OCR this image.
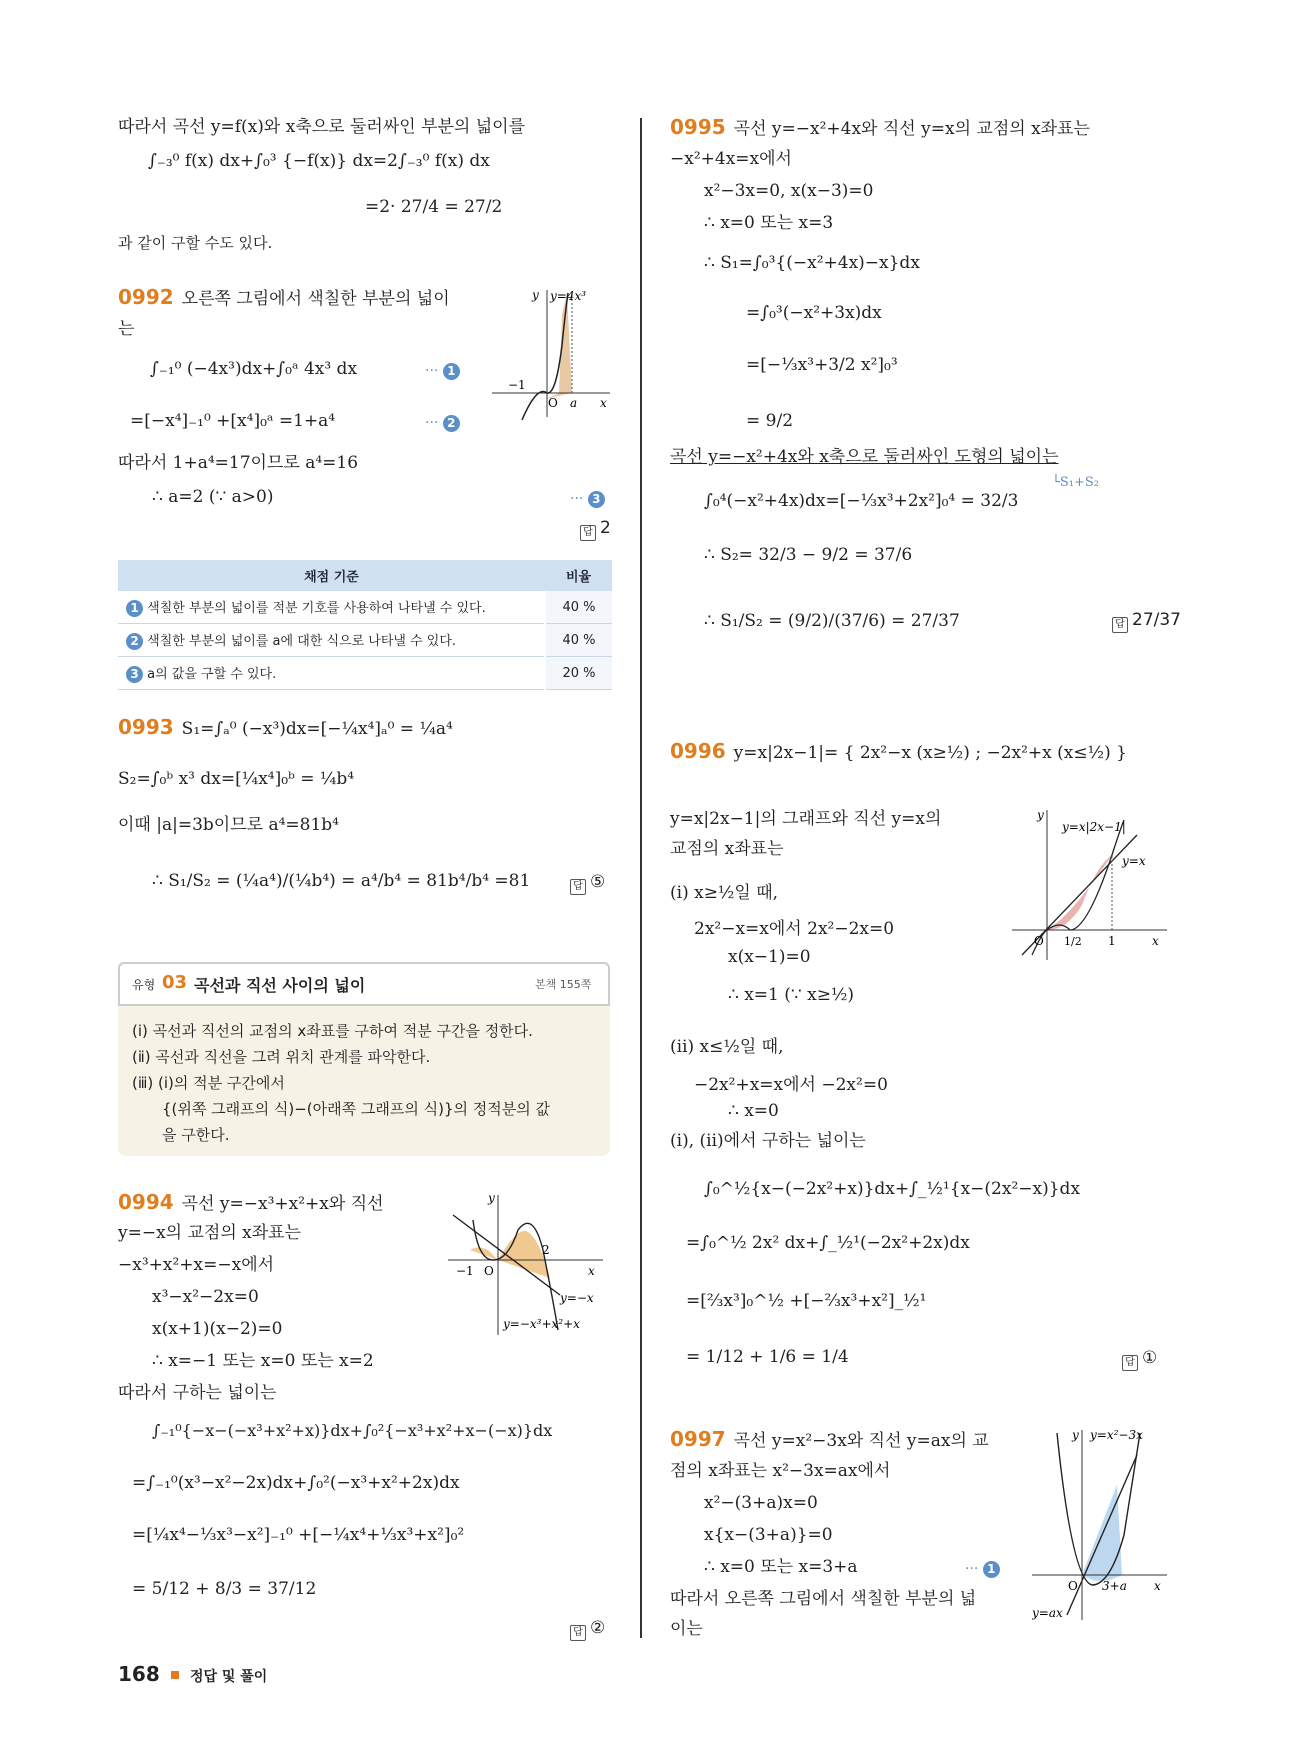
따라서 곡선 y=f(x)와 x축으로 둘러싸인 부분의 넓이를
∫₋₃⁰ f(x) dx+∫₀³ {−f(x)} dx=2∫₋₃⁰ f(x) dx
=2· 27/4 = 27/2
과 같이 구할 수도 있다.
0992 오른쪽 그림에서 색칠한 부분의 넓이
는
∫₋₁⁰ (−4x³)dx+∫₀ᵃ 4x³ dx	··· 1
=[−x⁴]₋₁⁰ +[x⁴]₀ᵃ =1+a⁴	··· 2
따라서 1+a⁴=17이므로 a⁴=16
∴ a=2 (∵ a>0)	··· 3
답 2
y=4x³
y
−1
O a x
채점 기준	비율
1 색칠한 부분의 넓이를 적분 기호를 사용하여 나타낼 수 있다.	40 %
2 색칠한 부분의 넓이를 a에 대한 식으로 나타낼 수 있다.	40 %
3 a의 값을 구할 수 있다.	20 %
0993 S₁=∫ₐ⁰ (−x³)dx=[−¼x⁴]ₐ⁰ = ¼a⁴
S₂=∫₀ᵇ x³ dx=[¼x⁴]₀ᵇ = ¼b⁴
이때 |a|=3b이므로 a⁴=81b⁴
∴ S₁/S₂ = (¼a⁴)/(¼b⁴) = a⁴/b⁴ = 81b⁴/b⁴ =81	답 ⑤
유형 03 곡선과 직선 사이의 넓이	본책 155쪽
(ⅰ) 곡선과 직선의 교점의 x좌표를 구하여 적분 구간을 정한다.
(ⅱ) 곡선과 직선을 그려 위치 관계를 파악한다.
(ⅲ) (ⅰ)의 적분 구간에서
{(위쪽 그래프의 식)−(아래쪽 그래프의 식)}의 정적분의 값
을 구한다.
0994 곡선 y=−x³+x²+x와 직선
y=−x의 교점의 x좌표는
−x³+x²+x=−x에서
x³−x²−2x=0
x(x+1)(x−2)=0
∴ x=−1 또는 x=0 또는 x=2
따라서 구하는 넓이는
∫₋₁⁰{−x−(−x³+x²+x)}dx+∫₀²{−x³+x²+x−(−x)}dx
=∫₋₁⁰(x³−x²−2x)dx+∫₀²(−x³+x²+2x)dx
=[¼x⁴−⅓x³−x²]₋₁⁰ +[−¼x⁴+⅓x³+x²]₀²
= 5/12 + 8/3 = 37/12
답 ②
y
−1 O
2
x
y=−x
y=−x³+x²+x
0995 곡선 y=−x²+4x와 직선 y=x의 교점의 x좌표는
−x²+4x=x에서
x²−3x=0, x(x−3)=0
∴ x=0 또는 x=3
∴ S₁=∫₀³{(−x²+4x)−x}dx
=∫₀³(−x²+3x)dx
=[−⅓x³+3/2 x²]₀³
= 9/2
곡선 y=−x²+4x와 x축으로 둘러싸인 도형의 넓이는
└S₁+S₂
∫₀⁴(−x²+4x)dx=[−⅓x³+2x²]₀⁴ = 32/3
∴ S₂= 32/3 − 9/2 = 37/6
∴ S₁/S₂ = (9/2)/(37/6) = 27/37	답 27/37
0996 y=x|2x−1|= { 2x²−x (x≥½) ; −2x²+x (x≤½) }
y=x|2x−1|의 그래프와 직선 y=x의
교점의 x좌표는
(ⅰ) x≥½일 때,
2x²−x=x에서 2x²−2x=0
x(x−1)=0
∴ x=1 (∵ x≥½)
(ⅱ) x≤½일 때,
−2x²+x=x에서 −2x²=0
∴ x=0
(ⅰ), (ⅱ)에서 구하는 넓이는
∫₀^½{x−(−2x²+x)}dx+∫_½¹{x−(2x²−x)}dx
=∫₀^½ 2x² dx+∫_½¹(−2x²+2x)dx
=[⅔x³]₀^½ +[−⅔x³+x²]_½¹
= 1/12 + 1/6 = 1/4	답 ①
y
y=x|2x−1|
y=x
O 1/2 1	x
0997 곡선 y=x²−3x와 직선 y=ax의 교
점의 x좌표는 x²−3x=ax에서
x²−(3+a)x=0
x{x−(3+a)}=0
∴ x=0 또는 x=3+a	··· 1
따라서 오른쪽 그림에서 색칠한 부분의 넓
이는
y y=x²−3x
O 3+a x
y=ax
168 정답 및 풀이
